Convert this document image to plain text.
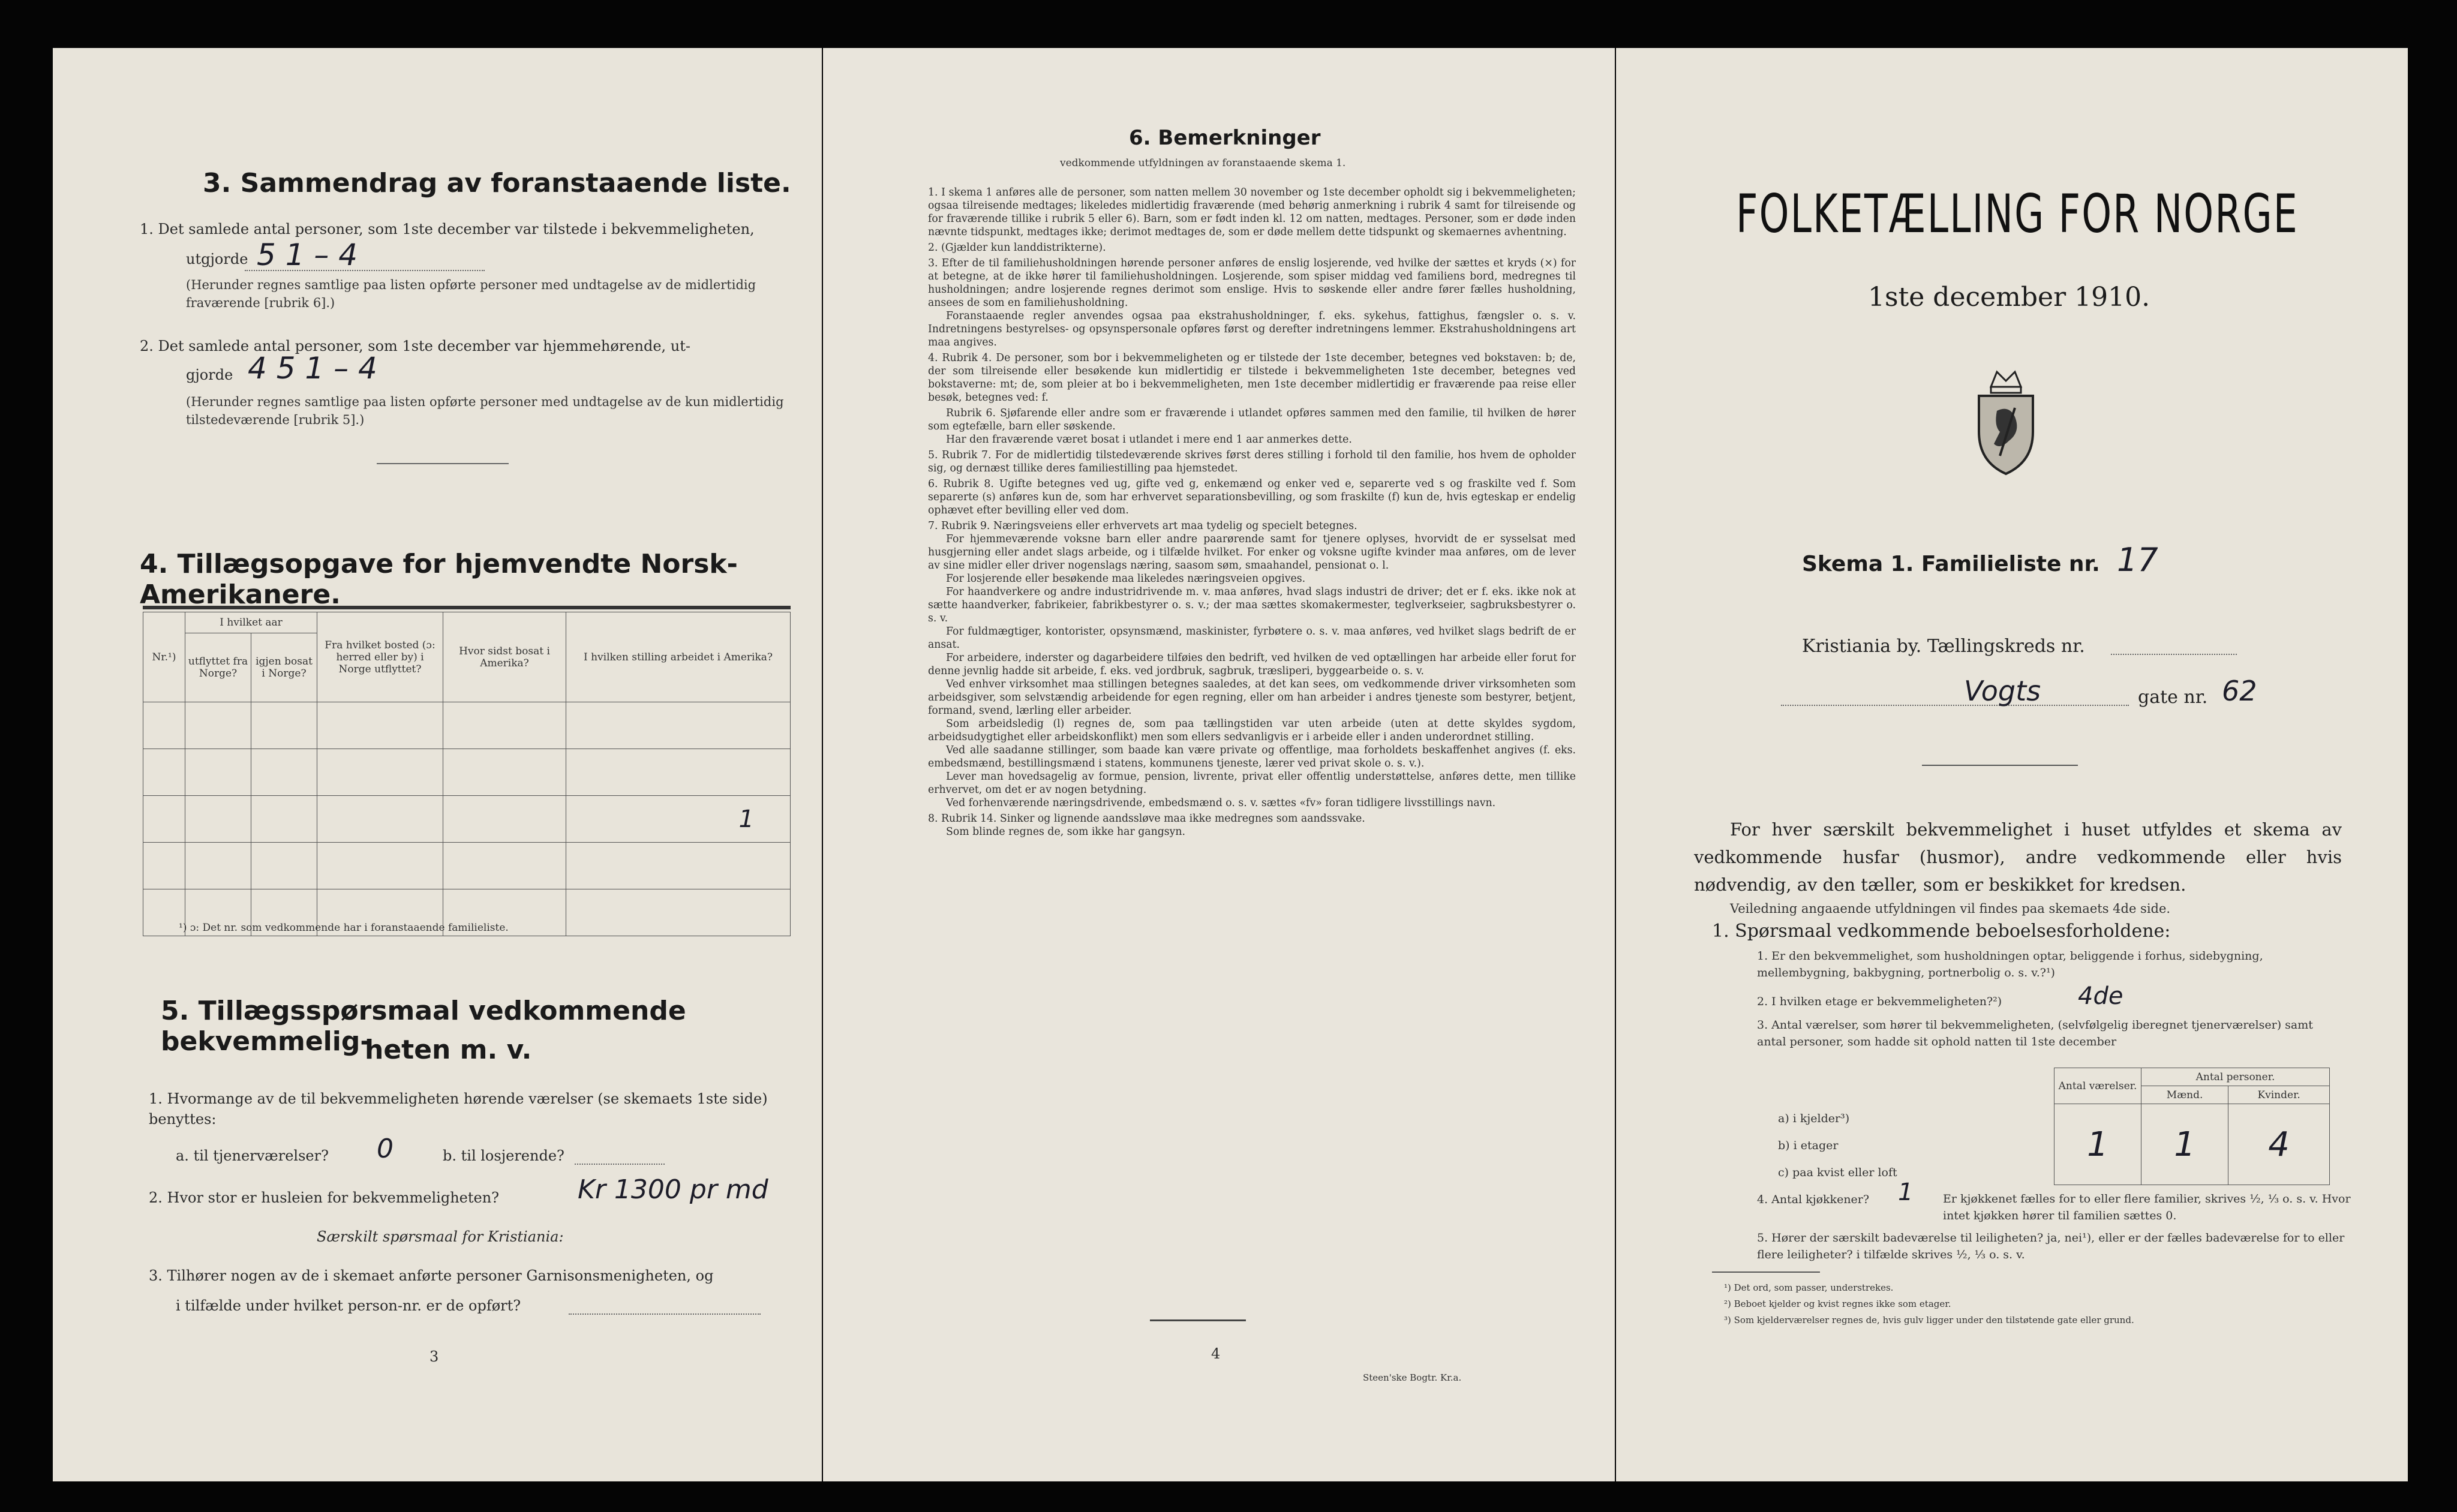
3. Sammendrag av foranstaaende liste.
1. Det samlede antal personer, som 1ste december var tilstede i bekvemmeligheten,
utgjorde 5 1 – 4
(Herunder regnes samtlige paa listen opførte personer med undtagelse av de midlertidig fraværende [rubrik 6].)
2. Det samlede antal personer, som 1ste december var hjemmehørende, ut-
gjorde 4 5 1 – 4
(Herunder regnes samtlige paa listen opførte personer med undtagelse av de kun midlertidig tilstedeværende [rubrik 5].)
4. Tillægsopgave for hjemvendte Norsk-Amerikanere.
Nr.¹)	I hvilket aar		Fra hvilket bosted (ɔ: herred eller by) i Norge utflyttet?	Hvor sidst bosat i Amerika?	I hvilken stilling arbeidet i Amerika?
	utflyttet fra Norge?	igjen bosat i Norge?			

					1

¹) ɔ: Det nr. som vedkommende har i foranstaaende familieliste.
5. Tillægsspørsmaal vedkommende bekvemmelig-
heten m. v.
1. Hvormange av de til bekvemmeligheten hørende værelser (se skemaets 1ste side) benyttes:
a. til tjenerværelser? 0	b. til losjerende?
2. Hvor stor er husleien for bekvemmeligheten?	Kr 1300 pr md
Særskilt spørsmaal for Kristiania:
3. Tilhører nogen av de i skemaet anførte personer Garnisonsmenigheten, og
i tilfælde under hvilket person-nr. er de opført?
3
6. Bemerkninger
vedkommende utfyldningen av foranstaaende skema 1.

1. I skema 1 anføres alle de personer, som natten mellem 30 november og 1ste december opholdt sig i bekvemmeligheten; ogsaa tilreisende medtages; likeledes midlertidig fraværende (med behørig anmerkning i rubrik 4 samt for tilreisende og for fraværende tillike i rubrik 5 eller 6). Barn, som er født inden kl. 12 om natten, medtages. Personer, som er døde inden nævnte tidspunkt, medtages ikke; derimot medtages de, som er døde mellem dette tidspunkt og skemaernes avhentning.

2. (Gjælder kun landdistrikterne).

3. Efter de til familiehusholdningen hørende personer anføres de enslig losjerende, ved hvilke der sættes et kryds (×) for at betegne, at de ikke hører til familiehusholdningen. Losjerende, som spiser middag ved familiens bord, medregnes til husholdningen; andre losjerende regnes derimot som enslige. Hvis to søskende eller andre fører fælles husholdning, ansees de som en familiehusholdning.

Foranstaaende regler anvendes ogsaa paa ekstrahusholdninger, f. eks. sykehus, fattighus, fængsler o. s. v. Indretningens bestyrelses- og opsynspersonale opføres først og derefter indretningens lemmer. Ekstrahusholdningens art maa angives.

4. Rubrik 4. De personer, som bor i bekvemmeligheten og er tilstede der 1ste december, betegnes ved bokstaven: b; de, der som tilreisende eller besøkende kun midlertidig er tilstede i bekvemmeligheten 1ste december, betegnes ved bokstaverne: mt; de, som pleier at bo i bekvemmeligheten, men 1ste december midlertidig er fraværende paa reise eller besøk, betegnes ved: f.

Rubrik 6. Sjøfarende eller andre som er fraværende i utlandet opføres sammen med den familie, til hvilken de hører som egtefælle, barn eller søskende.

Har den fraværende været bosat i utlandet i mere end 1 aar anmerkes dette.

5. Rubrik 7. For de midlertidig tilstedeværende skrives først deres stilling i forhold til den familie, hos hvem de opholder sig, og dernæst tillike deres familiestilling paa hjemstedet.

6. Rubrik 8. Ugifte betegnes ved ug, gifte ved g, enkemænd og enker ved e, separerte ved s og fraskilte ved f. Som separerte (s) anføres kun de, som har erhvervet separationsbevilling, og som fraskilte (f) kun de, hvis egteskap er endelig ophævet efter bevilling eller ved dom.

7. Rubrik 9. Næringsveiens eller erhvervets art maa tydelig og specielt betegnes.

For hjemmeværende voksne barn eller andre paarørende samt for tjenere oplyses, hvorvidt de er sysselsat med husgjerning eller andet slags arbeide, og i tilfælde hvilket. For enker og voksne ugifte kvinder maa anføres, om de lever av sine midler eller driver nogenslags næring, saasom søm, smaahandel, pensionat o. l.

For losjerende eller besøkende maa likeledes næringsveien opgives.

For haandverkere og andre industridrivende m. v. maa anføres, hvad slags industri de driver; det er f. eks. ikke nok at sætte haandverker, fabrikeier, fabrikbestyrer o. s. v.; der maa sættes skomakermester, teglverkseier, sagbruksbestyrer o. s. v.

For fuldmægtiger, kontorister, opsynsmænd, maskinister, fyrbøtere o. s. v. maa anføres, ved hvilket slags bedrift de er ansat.

For arbeidere, inderster og dagarbeidere tilføies den bedrift, ved hvilken de ved optællingen har arbeide eller forut for denne jevnlig hadde sit arbeide, f. eks. ved jordbruk, sagbruk, træsliperi, byggearbeide o. s. v.

Ved enhver virksomhet maa stillingen betegnes saaledes, at det kan sees, om vedkommende driver virksomheten som arbeidsgiver, som selvstændig arbeidende for egen regning, eller om han arbeider i andres tjeneste som bestyrer, betjent, formand, svend, lærling eller arbeider.

Som arbeidsledig (l) regnes de, som paa tællingstiden var uten arbeide (uten at dette skyldes sygdom, arbeidsudygtighet eller arbeidskonflikt) men som ellers sedvanligvis er i arbeide eller i anden underordnet stilling.

Ved alle saadanne stillinger, som baade kan være private og offentlige, maa forholdets beskaffenhet angives (f. eks. embedsmænd, bestillingsmænd i statens, kommunens tjeneste, lærer ved privat skole o. s. v.).

Lever man hovedsagelig av formue, pension, livrente, privat eller offentlig understøttelse, anføres dette, men tillike erhvervet, om det er av nogen betydning.

Ved forhenværende næringsdrivende, embedsmænd o. s. v. sættes «fv» foran tidligere livsstillings navn.

8. Rubrik 14. Sinker og lignende aandssløve maa ikke medregnes som aandssvake.

Som blinde regnes de, som ikke har gangsyn.

4
Steen'ske Bogtr. Kr.a.
FOLKETÆLLING FOR NORGE
1ste december 1910.
Skema 1. Familieliste nr. 17
Kristiania by. Tællingskreds nr.
Vogts	gate nr. 62
For hver særskilt bekvemmelighet i huset utfyldes et skema av vedkommende husfar (husmor), andre vedkommende eller hvis nødvendig, av den tæller, som er beskikket for kredsen.
Veiledning angaaende utfyldningen vil findes paa skemaets 4de side.
1. Spørsmaal vedkommende beboelsesforholdene:
1. Er den bekvemmelighet, som husholdningen optar, beliggende i forhus, sidebygning, mellembygning, bakbygning, portnerbolig o. s. v.?¹)
2. I hvilken etage er bekvemmeligheten?²)	4de
3. Antal værelser, som hører til bekvemmeligheten, (selvfølgelig iberegnet tjenerværelser) samt antal personer, som hadde sit ophold natten til 1ste december
a) i kjelder³)
b) i etager
c) paa kvist eller loft
Antal værelser.	Antal personer.	
	Mænd.	Kvinder.
1	1	4
4. Antal kjøkkener? 1	Er kjøkkenet fælles for to eller flere familier, skrives ½, ⅓ o. s. v. Hvor intet kjøkken hører til familien sættes 0.
5. Hører der særskilt badeværelse til leiligheten? ja, nei¹), eller er der fælles badeværelse for to eller flere leiligheter? i tilfælde skrives ½, ⅓ o. s. v.
¹) Det ord, som passer, understrekes.
²) Beboet kjelder og kvist regnes ikke som etager.
³) Som kjelderværelser regnes de, hvis gulv ligger under den tilstøtende gate eller grund.
